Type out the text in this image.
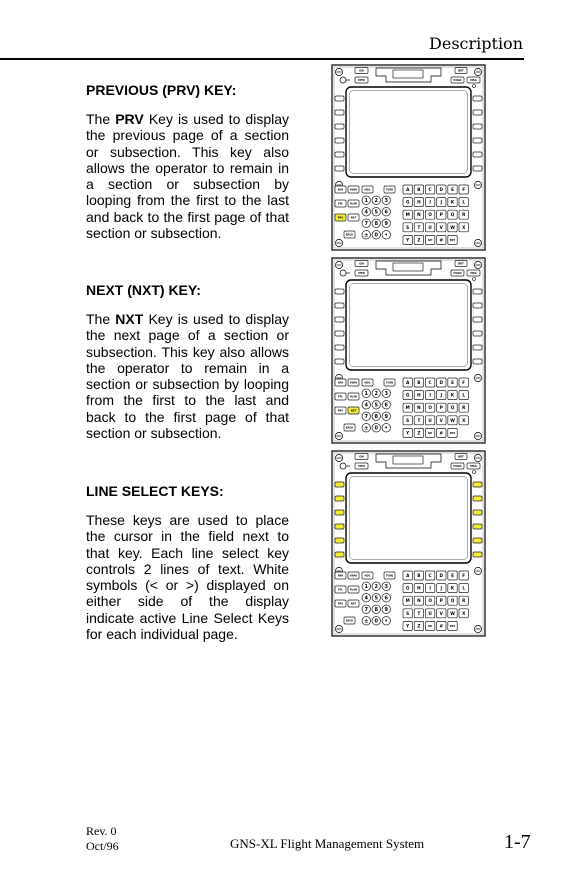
Description
PREVIOUS (PRV) KEY:

The PRV Key is used to display the previous page of a section or subsection. This key also allows the operator to remain in a section or subsection by looping from the first to the last and back to the first page of that section or subsection.

NEXT (NXT) KEY:

The NXT Key is used to display the next page of a section or subsection. This key also allows the operator to remain in a section or subsection by looping from the first to the last and back to the first page of that section or subsection.

LINE SELECT KEYS:

These keys are used to place the cursor in the field next to that key. Each line select key controls 2 lines of text. White symbols (< or >) displayed on either side of the display indicate active Line Select Keys for each individual page.

ON	BRT
MFD	HOLD	MSG
NAV	VNAV	HDG	TUNE
FPL	PLAN
PRV	NXT
BACK
1 2 3
4 5 6
7 8 9
± 0 •
A B C D E F
G H I J K L
M N O P Q R
S T U V W X
Y Z SP #	ENT
ON	BRT
MFD	HOLD	MSG
NAV	VNAV	HDG	TUNE
FPL	PLAN
PRV	NXT
BACK
1 2 3
4 5 6
7 8 9
± 0 •
A B C D E F
G H I J K L
M N O P Q R
S T U V W X
Y Z SP #	ENT
ON	BRT
MFD	HOLD	MSG
NAV	VNAV	HDG	TUNE
FPL	PLAN
PRV	NXT
BACK
1 2 3
4 5 6
7 8 9
± 0 •
A B C D E F
G H I J K L
M N O P Q R
S T U V W X
Y Z SP #	ENT
Rev. 0
Oct/96	GNS-XL Flight Management System	1-7
